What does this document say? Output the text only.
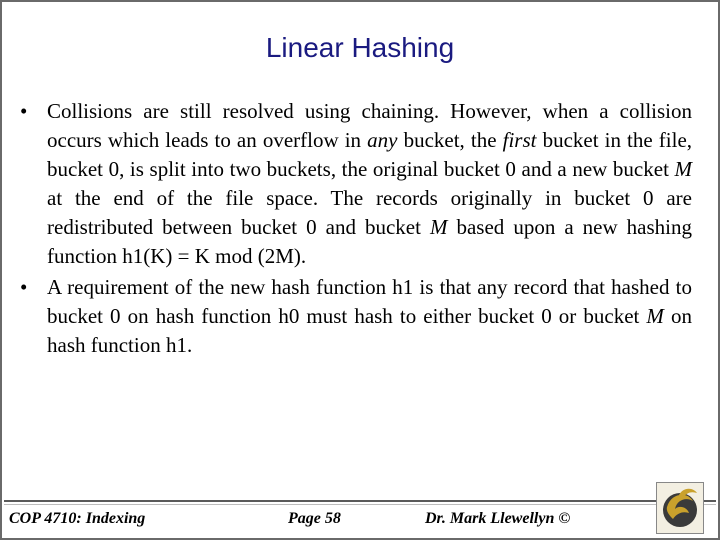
Linear Hashing
• Collisions are still resolved using chaining. However, when a collision occurs which leads to an overflow in any bucket, the first bucket in the file, bucket 0, is split into two buckets, the original bucket 0 and a new bucket M at the end of the file space. The records originally in bucket 0 are redistributed between bucket 0 and bucket M based upon a new hashing function h1(K) = K mod (2M).
• A requirement of the new hash function h1 is that any record that hashed to bucket 0 on hash function h0 must hash to either bucket 0 or bucket M on hash function h1.
COP 4710: Indexing	Page 58	Dr. Mark Llewellyn ©
